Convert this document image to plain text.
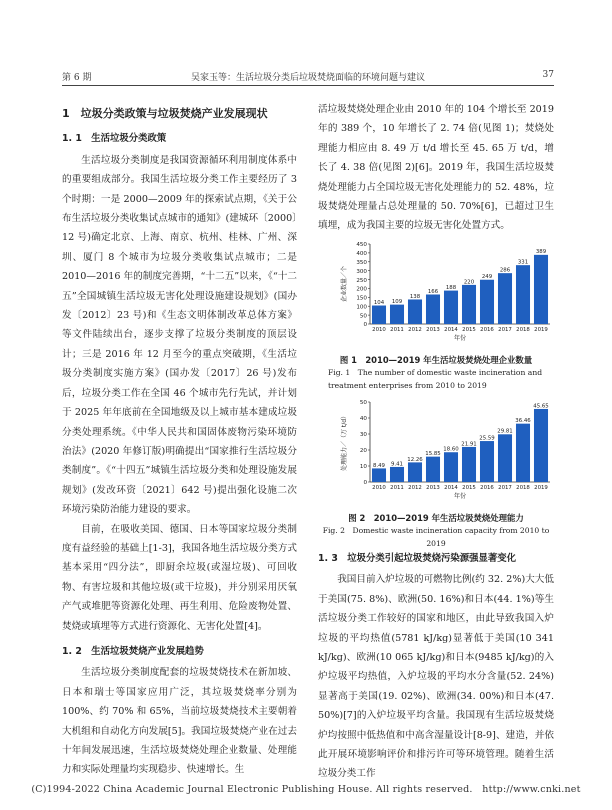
第 6 期	吴家玉等：生活垃圾分类后垃圾焚烧面临的环境问题与建议	37
1　垃圾分类政策与垃圾焚烧产业发展现状
1. 1　生活垃圾分类政策

生活垃圾分类制度是我国资源循环利用制度体系中的重要组成部分。我国生活垃圾分类工作主要经历了 3 个时期：一是 2000—2009 年的探索试点期，《关于公布生活垃圾分类收集试点城市的通知》(建城环〔2000〕12 号)确定北京、上海、南京、杭州、桂林、广州、深圳、厦门 8 个城市为垃圾分类收集试点城市；二是 2010—2016 年的制度完善期，“十二五”以来，《“十二五”全国城镇生活垃圾无害化处理设施建设规划》(国办发〔2012〕23 号)和《生态文明体制改革总体方案》等文件陆续出台，逐步支撑了垃圾分类制度的顶层设计；三是 2016 年 12 月至今的重点突破期，《生活垃圾分类制度实施方案》(国办发〔2017〕26 号)发布后，垃圾分类工作在全国 46 个城市先行先试，并计划于 2025 年年底前在全国地级及以上城市基本建成垃圾分类处理系统。《中华人民共和国固体废物污染环境防治法》(2020 年修订版)明确提出“国家推行生活垃圾分类制度”。《“十四五”城镇生活垃圾分类和处理设施发展规划》(发改环资〔2021〕642 号)提出强化设施二次环境污染防治能力建设的要求。

目前，在吸收美国、德国、日本等国家垃圾分类制度有益经验的基础上[1-3]，我国各地生活垃圾分类方式基本采用“四分法”，即厨余垃圾(或湿垃圾)、可回收物、有害垃圾和其他垃圾(或干垃圾)，并分别采用厌氧产气或堆肥等资源化处理、再生利用、危险废物处置、焚烧或填埋等方式进行资源化、无害化处置[4]。

1. 2　生活垃圾焚烧产业发展趋势

生活垃圾分类制度配套的垃圾焚烧技术在新加坡、日本和瑞士等国家应用广泛，其垃圾焚烧率分别为 100%、约 70% 和 65%，当前垃圾焚烧技术主要朝着大机组和自动化方向发展[5]。我国垃圾焚烧产业在过去十年间发展迅速，生活垃圾焚烧处理企业数量、处理能力和实际处理量均实现稳步、快速增长。生

活垃圾焚烧处理企业由 2010 年的 104 个增长至 2019 年的 389 个，10 年增长了 2. 74 倍(见图 1)；焚烧处理能力相应由 8. 49 万 t/d 增长至 45. 65 万 t/d，增长了 4. 38 倍(见图 2)[6]。2019 年，我国生活垃圾焚烧处理能力占全国垃圾无害化处理能力的 52. 48%，垃圾焚烧处理量占总处理量的 50. 70%[6]，已超过卫生填埋，成为我国主要的垃圾无害化处置方式。

0
50
100
150
200
250
300
350
400
450
企业数量／个
104
2010
109
2011
138
2012
166
2013
188
2014
220
2015
249
2016
286
2017
331
2018
389
2019
年份
图 1　2010—2019 年生活垃圾焚烧处理企业数量
Fig. 1　The number of domestic waste incineration and treatment enterprises from 2010 to 2019
0
10
20
30
40
50
处理能力／（万 t/d）	8.49
2010
9.41
2011
12.26
2012
15.85
2013
18.60
2014
21.91
2015
25.59
2016
29.81
2017
36.46
2018
45.65
2019
年份
图 2　2010—2019 年生活垃圾焚烧处理能力
Fig. 2　Domestic waste incineration capacity from 2010 to 2019
1. 3　垃圾分类引起垃圾焚烧污染源强显著变化

我国目前入炉垃圾的可燃物比例(约 32. 2%)大大低于美国(75. 8%)、欧洲(50. 16%)和日本(44. 1%)等生活垃圾分类工作较好的国家和地区，由此导致我国入炉垃圾的平均热值(5781 kJ/kg)显著低于美国(10 341 kJ/kg)、欧洲(10 065 kJ/kg)和日本(9485 kJ/kg)的入炉垃圾平均热值，入炉垃圾的平均水分含量(52. 24%)显著高于美国(19. 02%)、欧洲(34. 00%)和日本(47. 50%)[7]的入炉垃圾平均含量。我国现有生活垃圾焚烧炉均按照中低热值和中高含湿量设计[8-9]、建造，并依此开展环境影响评价和排污许可等环境管理。随着生活垃圾分类工作

(C)1994-2022 China Academic Journal Electronic Publishing House. All rights reserved.　http://www.cnki.net
